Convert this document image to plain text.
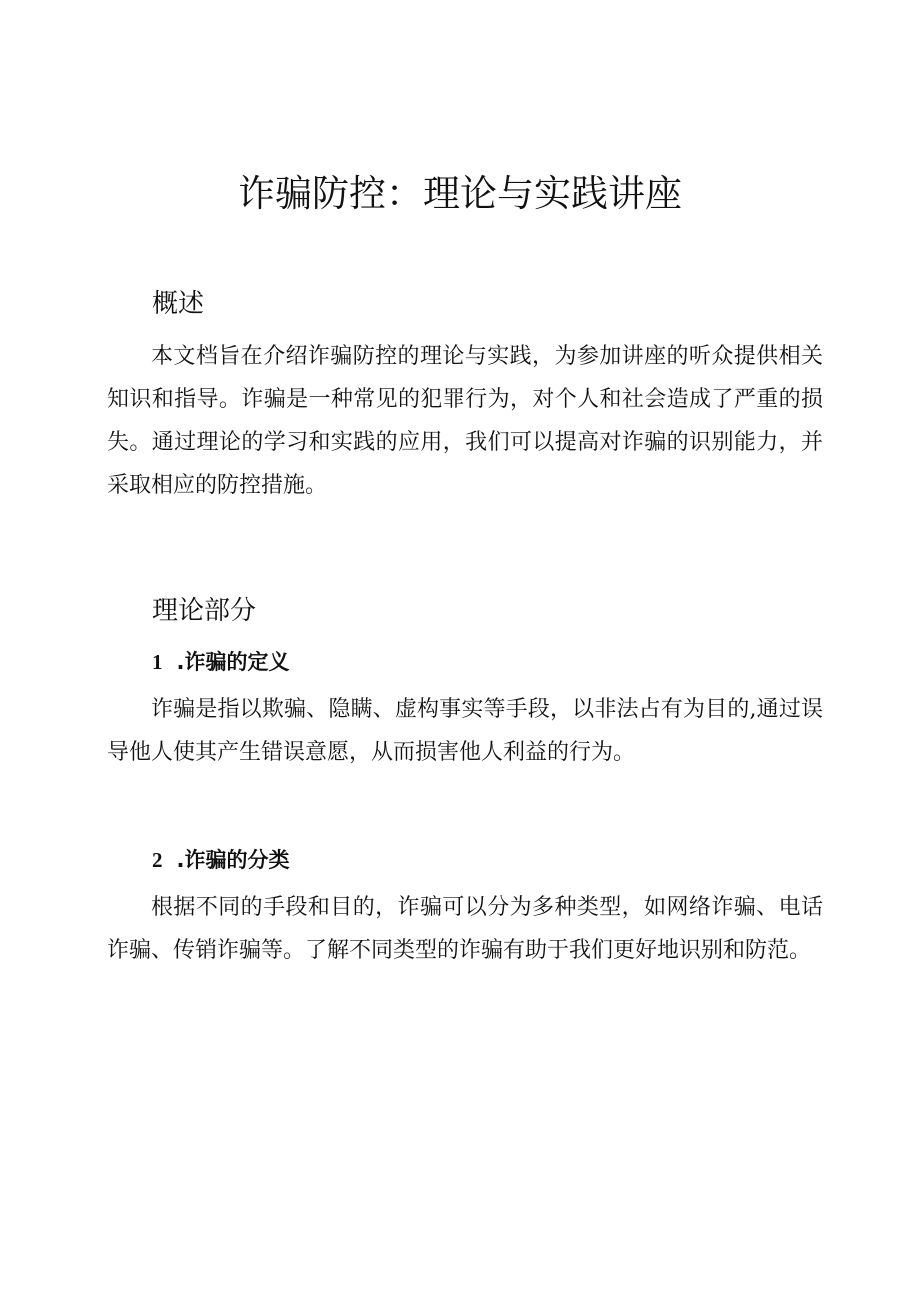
诈骗防控：理论与实践讲座
概述

本文档旨在介绍诈骗防控的理论与实践，为参加讲座的听众提供相关知识和指导。诈骗是一种常见的犯罪行为，对个人和社会造成了严重的损失。通过理论的学习和实践的应用，我们可以提高对诈骗的识别能力，并采取相应的防控措施。

理论部分
1 .诈骗的定义

诈骗是指以欺骗、隐瞒、虚构事实等手段，以非法占有为目的,通过误导他人使其产生错误意愿，从而损害他人利益的行为。

2 .诈骗的分类

根据不同的手段和目的，诈骗可以分为多种类型，如网络诈骗、电话诈骗、传销诈骗等。了解不同类型的诈骗有助于我们更好地识别和防范。
